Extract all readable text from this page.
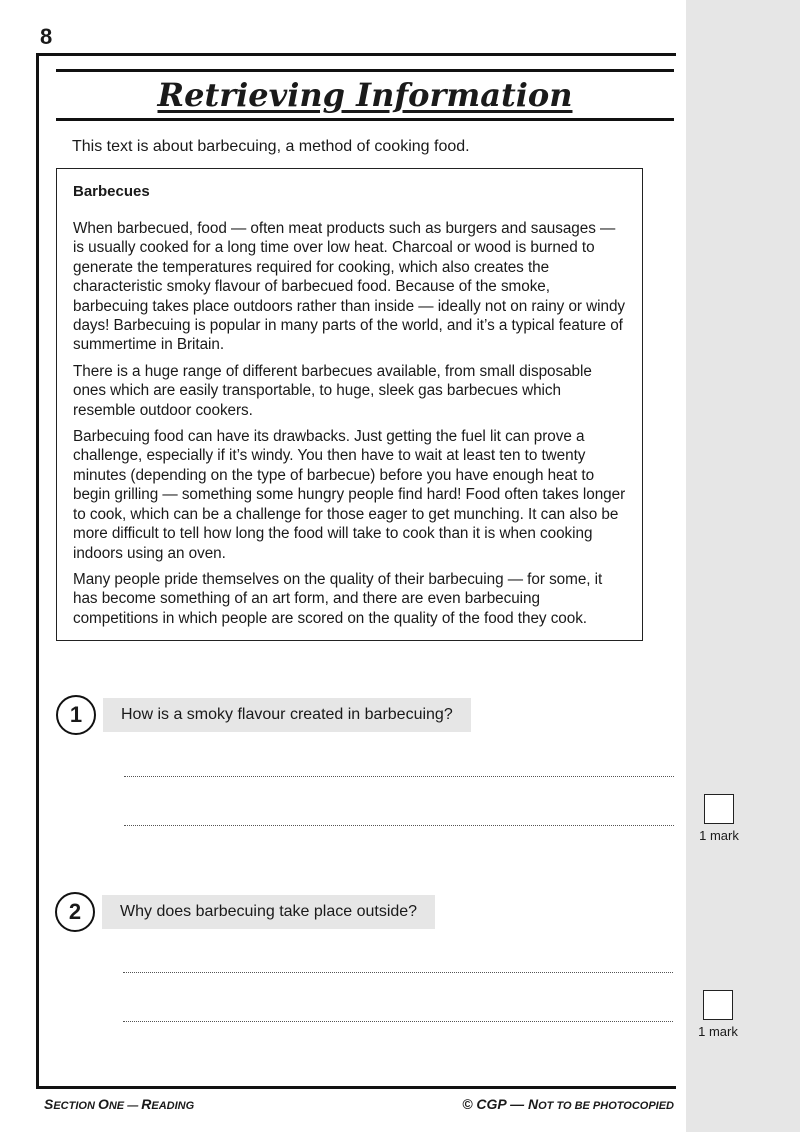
8
Retrieving Information
This text is about barbecuing, a method of cooking food.

Barbecues

When barbecued, food — often meat products such as burgers and sausages — is usually cooked for a long time over low heat. Charcoal or wood is burned to generate the temperatures required for cooking, which also creates the characteristic smoky flavour of barbecued food. Because of the smoke, barbecuing takes place outdoors rather than inside — ideally not on rainy or windy days! Barbecuing is popular in many parts of the world, and it’s a typical feature of summertime in Britain.

There is a huge range of different barbecues available, from small disposable ones which are easily transportable, to huge, sleek gas barbecues which resemble outdoor cookers.

Barbecuing food can have its drawbacks. Just getting the fuel lit can prove a challenge, especially if it’s windy. You then have to wait at least ten to twenty minutes (depending on the type of barbecue) before you have enough heat to begin grilling — something some hungry people find hard! Food often takes longer to cook, which can be a challenge for those eager to get munching. It can also be more difficult to tell how long the food will take to cook than it is when cooking indoors using an oven.

Many people pride themselves on the quality of their barbecuing — for some, it has become something of an art form, and there are even barbecuing competitions in which people are scored on the quality of the food they cook.

1	How is a smoky flavour created in barbecuing?
1 mark
2	Why does barbecuing take place outside?
1 mark
SECTION ONE — READING	© CGP — NOT TO BE PHOTOCOPIED
